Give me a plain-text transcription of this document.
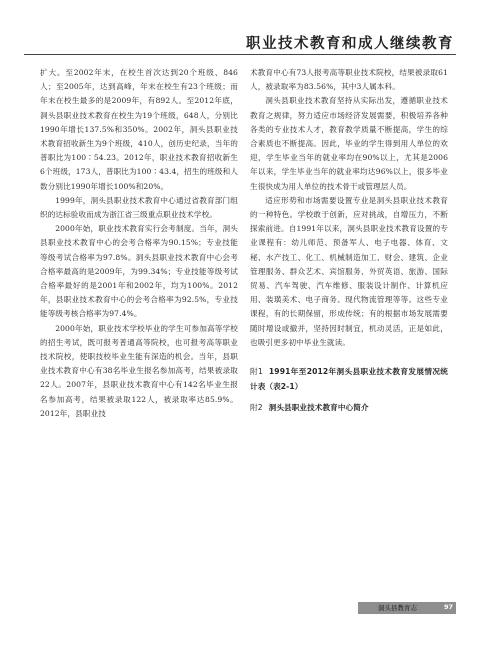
职业技术教育和成人继续教育

扩大。至2002年末，在校生首次达到20个班级、846人；至2005年，达到高峰，年末在校生有23个班级；而年末在校生最多的是2009年，有892人。至2012年底，洞头县职业技术教育在校生为19个班级，648人，分别比1990年增长137.5%和350%。2002年，洞头县职业技术教育招收新生为9个班级，410人，创历史纪录，当年的普职比为100∶54.23。2012年，职业技术教育招收新生6个班级，173人，普职比为100∶43.4，招生的班级和人数分别比1990年增长100%和20%。

1999年，洞头县职业技术教育中心通过省教育部门组织的达标验收而成为浙江省三级重点职业技术学校。

2000年始，职业技术教育实行会考制度。当年，洞头县职业技术教育中心的会考合格率为90.15%；专业技能等级考试合格率为97.8%。洞头县职业技术教育中心会考合格率最高的是2009年，为99.34%；专业技能等级考试合格率最好的是2001年和2002年，均为100%。2012年，县职业技术教育中心的会考合格率为92.5%，专业技能等级考核合格率为97.4%。

2000年始，职业技术学校毕业的学生可参加高等学校的招生考试，既可报考普通高等院校，也可报考高等职业技术院校，使职技校毕业生能有深造的机会。当年，县职业技术教育中心有38名毕业生报名参加高考，结果被录取22人。2007年，县职业技术教育中心有142名毕业生报名参加高考，结果被录取122人，被录取率达85.9%。2012年，县职业技

术教育中心有73人报考高等职业技术院校，结果被录取61人，被录取率为83.56%，其中3人属本科。

洞头县职业技术教育坚持从实际出发，遵循职业技术教育之规律，努力适应市场经济发展需要，积极培养各种各类的专业技术人才，教育教学质量不断提高，学生的综合素质也不断提高。因此，毕业的学生得到用人单位的欢迎，学生毕业当年的就业率均在90%以上，尤其是2006年以来，学生毕业当年的就业率均达96%以上，很多毕业生很快成为用人单位的技术骨干或管理层人员。

适应形势和市场需要设置专业是洞头县职业技术教育的一种特色。学校敢于创新，应对挑战，自增压力，不断探索前进。自1991年以来，洞头县职业技术教育设置的专业课程有：幼儿师范、预备军人、电子电器、体育、文秘、水产技工、化工、机械制造加工、财会、建筑、企业管理服务、群众艺术、宾馆服务、外贸英语、旅游、国际贸易、汽车驾驶、汽车维修、服装设计制作、计算机应用、装璜美术、电子商务、现代物流管理等等。这些专业课程，有的长期保留，形成传统；有的根据市场发展需要随时增设或撤并，坚持因时制宜，机动灵活，正是如此，也吸引更多初中毕业生就读。

附1 1991年至2012年洞头县职业技术教育发展情况统计表（表2-1）
附2 洞头县职业技术教育中心简介
洞头县教育志	97
